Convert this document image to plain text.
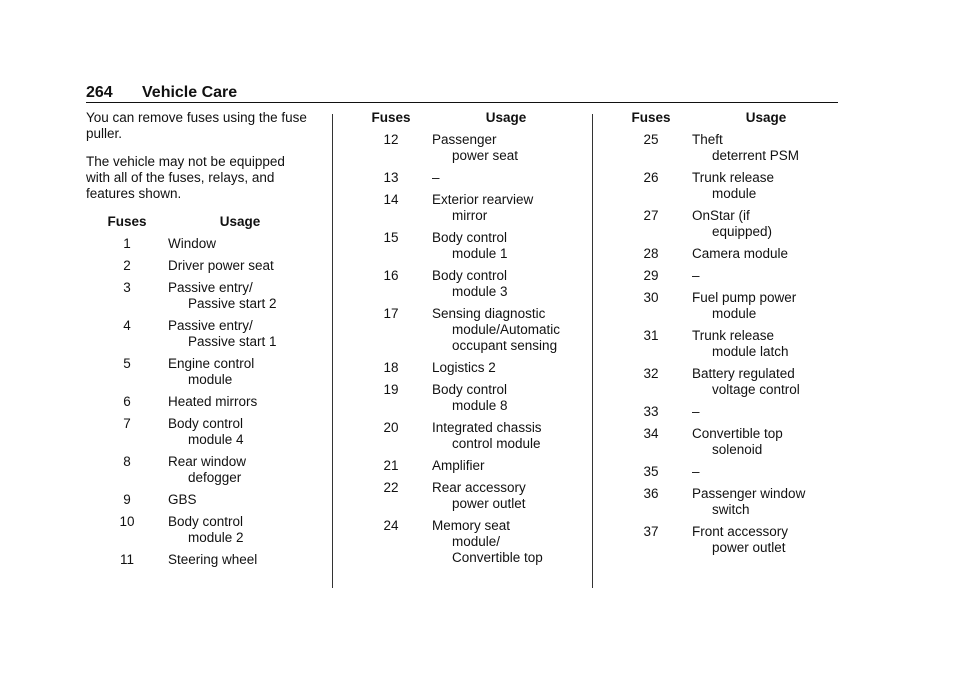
264 Vehicle Care

You can remove fuses using the fuse puller.

The vehicle may not be equipped with all of the fuses, relays, and features shown.

Fuses	Usage
1	Window
2	Driver power seat
3	Passive entry/
Passive start 2
4	Passive entry/
Passive start 1
5	Engine control
module
6	Heated mirrors
7	Body control
module 4
8	Rear window
defogger
9	GBS
10	Body control
module 2
11	Steering wheel
Fuses	Usage
12	Passenger
power seat
13	–
14	Exterior rearview
mirror
15	Body control
module 1
16	Body control
module 3
17	Sensing diagnostic
module/Automatic
occupant sensing
18	Logistics 2
19	Body control
module 8
20	Integrated chassis
control module
21	Amplifier
22	Rear accessory
power outlet
24	Memory seat
module/
Convertible top
Fuses	Usage
25	Theft
deterrent PSM
26	Trunk release
module
27	OnStar (if
equipped)
28	Camera module
29	–
30	Fuel pump power
module
31	Trunk release
module latch
32	Battery regulated
voltage control
33	–
34	Convertible top
solenoid
35	–
36	Passenger window
switch
37	Front accessory
power outlet
